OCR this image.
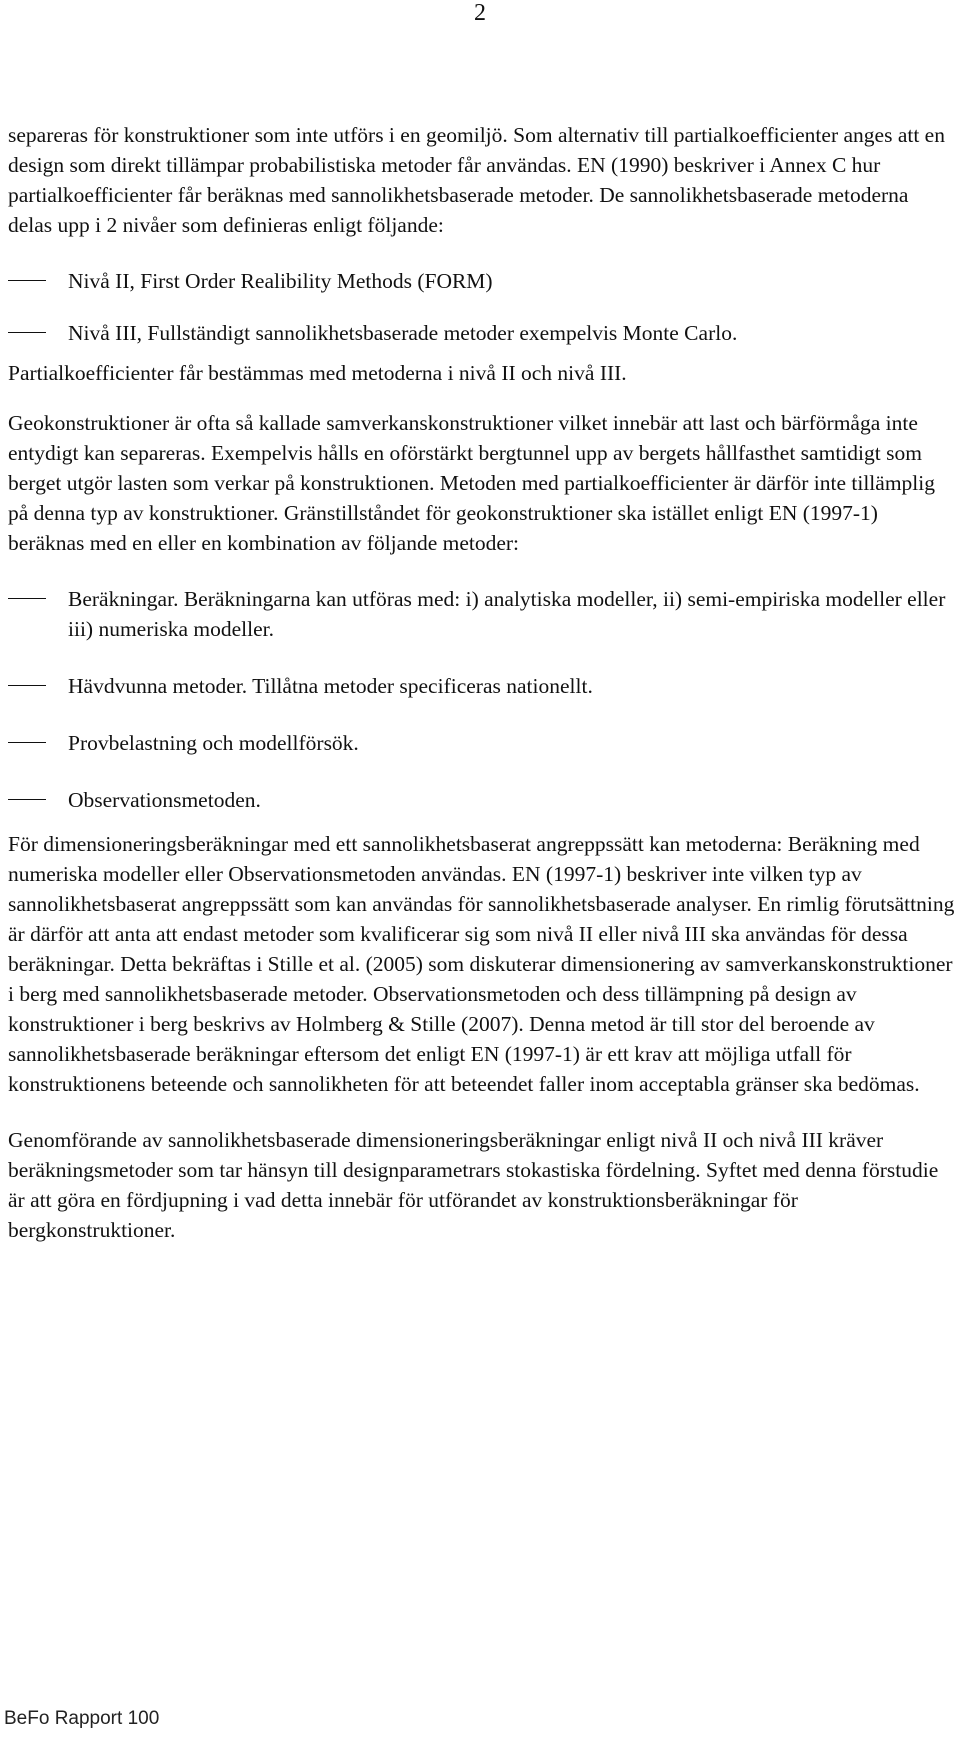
2

separeras för konstruktioner som inte utförs i en geomiljö. Som alternativ till partialkoefficienter anges att en design som direkt tillämpar probabilistiska metoder får användas. EN (1990) beskriver i Annex C hur partialkoefficienter får beräknas med sannolikhetsbaserade metoder. De sannolikhetsbaserade metoderna delas upp i 2 nivåer som definieras enligt följande:

Nivå II, First Order Realibility Methods (FORM)
Nivå III, Fullständigt sannolikhetsbaserade metoder exempelvis Monte Carlo.

Partialkoefficienter får bestämmas med metoderna i nivå II och nivå III.

Geokonstruktioner är ofta så kallade samverkanskonstruktioner vilket innebär att last och bärförmåga inte entydigt kan separeras. Exempelvis hålls en oförstärkt bergtunnel upp av bergets hållfasthet samtidigt som berget utgör lasten som verkar på konstruktionen. Metoden med partialkoefficienter är därför inte tillämplig på denna typ av konstruktioner. Gränstillståndet för geokonstruktioner ska istället enligt EN (1997-1) beräknas med en eller en kombination av följande metoder:

Beräkningar. Beräkningarna kan utföras med: i) analytiska modeller, ii) semi-empiriska modeller eller iii) numeriska modeller.
Hävdvunna metoder. Tillåtna metoder specificeras nationellt.
Provbelastning och modellförsök.
Observationsmetoden.

För dimensioneringsberäkningar med ett sannolikhetsbaserat angreppssätt kan metoderna: Beräkning med numeriska modeller eller Observationsmetoden användas. EN (1997-1) beskriver inte vilken typ av sannolikhetsbaserat angreppssätt som kan användas för sannolikhetsbaserade analyser. En rimlig förutsättning är därför att anta att endast metoder som kvalificerar sig som nivå II eller nivå III ska användas för dessa beräkningar. Detta bekräftas i Stille et al. (2005) som diskuterar dimensionering av samverkanskonstruktioner i berg med sannolikhetsbaserade metoder. Observationsmetoden och dess tillämpning på design av konstruktioner i berg beskrivs av Holmberg & Stille (2007). Denna metod är till stor del beroende av sannolikhetsbaserade beräkningar eftersom det enligt EN (1997-1) är ett krav att möjliga utfall för konstruktionens beteende och sannolikheten för att beteendet faller inom acceptabla gränser ska bedömas.

Genomförande av sannolikhetsbaserade dimensioneringsberäkningar enligt nivå II och nivå III kräver beräkningsmetoder som tar hänsyn till designparametrars stokastiska fördelning. Syftet med denna förstudie är att göra en fördjupning i vad detta innebär för utförandet av konstruktionsberäkningar för bergkonstruktioner.

BeFo Rapport 100
